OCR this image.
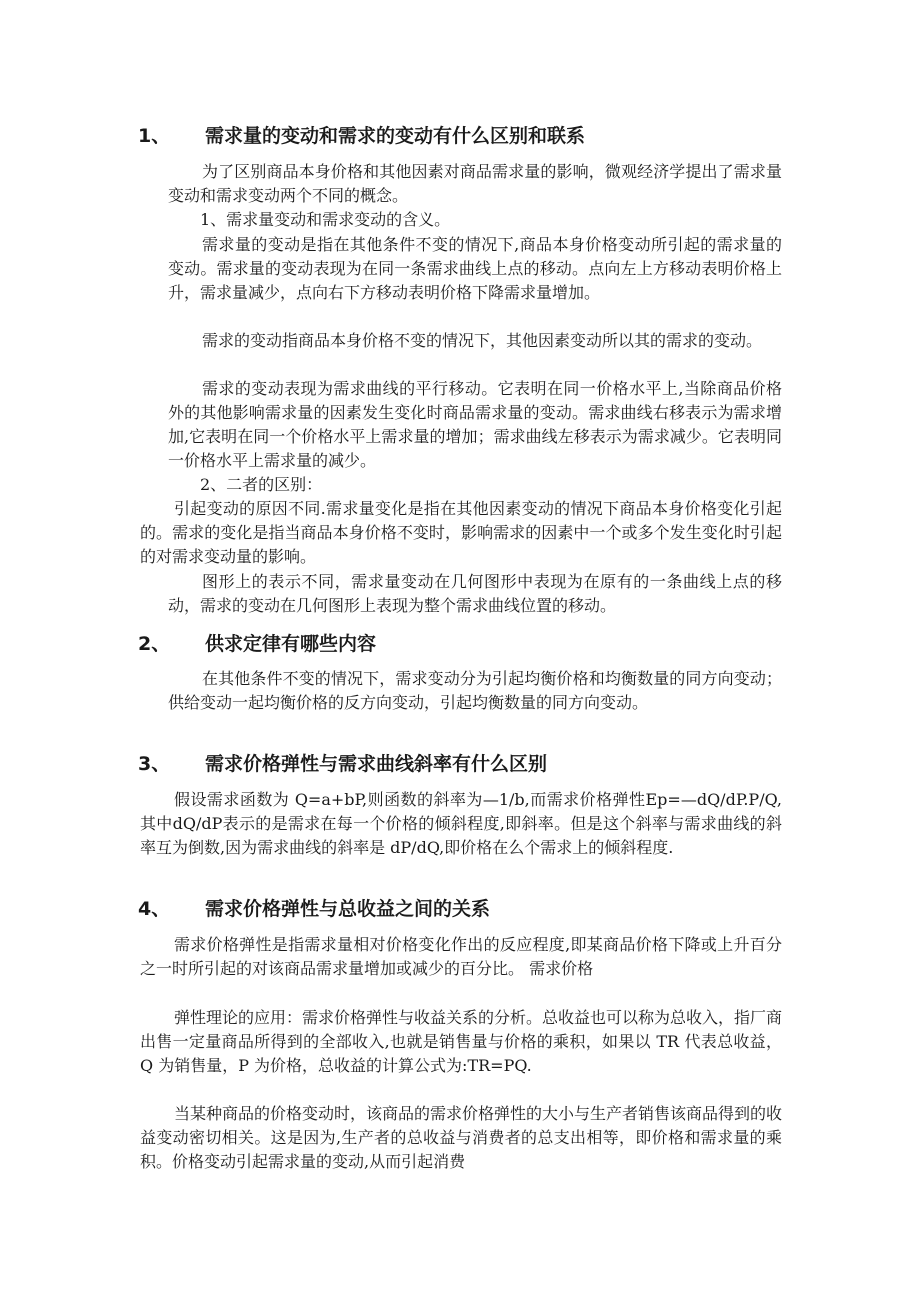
1、 需求量的变动和需求的变动有什么区别和联系
为了区别商品本身价格和其他因素对商品需求量的影响，微观经济学提出了需求量变动和需求变动两个不同的概念。
1、需求量变动和需求变动的含义。
需求量的变动是指在其他条件不变的情况下,商品本身价格变动所引起的需求量的变动。需求量的变动表现为在同一条需求曲线上点的移动。点向左上方移动表明价格上升，需求量减少，点向右下方移动表明价格下降需求量增加。
需求的变动指商品本身价格不变的情况下，其他因素变动所以其的需求的变动。
需求的变动表现为需求曲线的平行移动。它表明在同一价格水平上,当除商品价格外的其他影响需求量的因素发生变化时商品需求量的变动。需求曲线右移表示为需求增加,它表明在同一个价格水平上需求量的增加；需求曲线左移表示为需求减少。它表明同一价格水平上需求量的减少。
2、二者的区别：
引起变动的原因不同.需求量变化是指在其他因素变动的情况下商品本身价格变化引起的。需求的变化是指当商品本身价格不变时，影响需求的因素中一个或多个发生变化时引起的对需求变动量的影响。
图形上的表示不同，需求量变动在几何图形中表现为在原有的一条曲线上点的移动，需求的变动在几何图形上表现为整个需求曲线位置的移动。
2、 供求定律有哪些内容
在其他条件不变的情况下，需求变动分为引起均衡价格和均衡数量的同方向变动；供给变动一起均衡价格的反方向变动，引起均衡数量的同方向变动。
3、 需求价格弹性与需求曲线斜率有什么区别
假设需求函数为 Q=a+bP,则函数的斜率为—1/b,而需求价格弹性Ep=—dQ/dP.P/Q,其中dQ/dP表示的是需求在每一个价格的倾斜程度,即斜率。但是这个斜率与需求曲线的斜率互为倒数,因为需求曲线的斜率是 dP/dQ,即价格在么个需求上的倾斜程度.
4、 需求价格弹性与总收益之间的关系
需求价格弹性是指需求量相对价格变化作出的反应程度,即某商品价格下降或上升百分之一时所引起的对该商品需求量增加或减少的百分比。 需求价格
弹性理论的应用：需求价格弹性与收益关系的分析。总收益也可以称为总收入，指厂商出售一定量商品所得到的全部收入,也就是销售量与价格的乘积，如果以 TR 代表总收益，Q 为销售量，P 为价格，总收益的计算公式为:TR=PQ.
当某种商品的价格变动时，该商品的需求价格弹性的大小与生产者销售该商品得到的收益变动密切相关。这是因为,生产者的总收益与消费者的总支出相等，即价格和需求量的乘积。价格变动引起需求量的变动,从而引起消费
